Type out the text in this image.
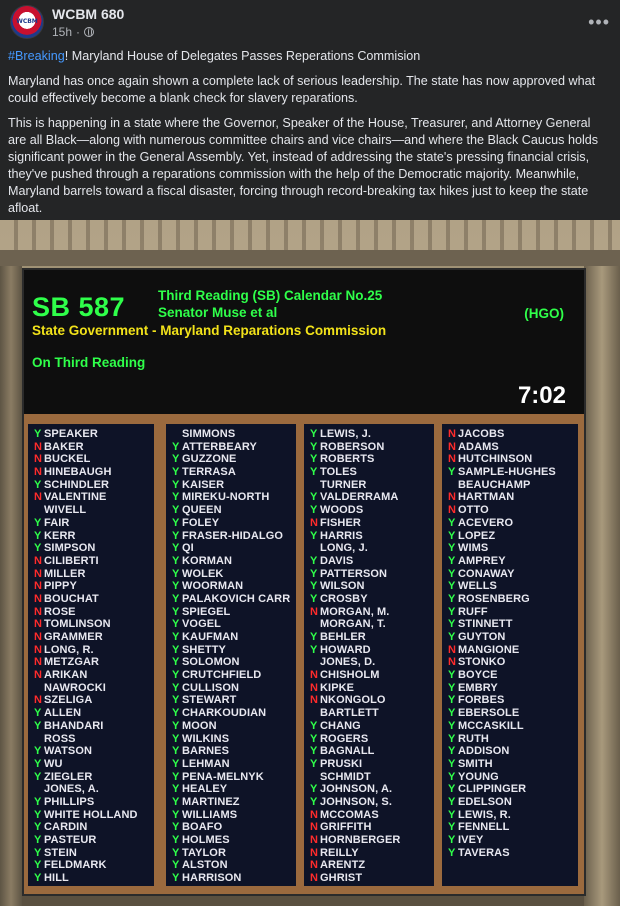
WCBM	WCBM 680
15h ·	•••

#Breaking! Maryland House of Delegates Passes Reperations Commision

Maryland has once again shown a complete lack of serious leadership. The state has now approved what could effectively become a blank check for slavery reparations.

This is happening in a state where the Governor, Speaker of the House, Treasurer, and Attorney General are all Black—along with numerous committee chairs and vice chairs—and where the Black Caucus holds significant power in the General Assembly. Yet, instead of addressing the state's pressing financial crisis, they've pushed through a reparations commission with the help of the Democratic majority. Meanwhile, Maryland barrels toward a fiscal disaster, forcing through record-breaking tax hikes just to keep the state afloat.

SB 587 Third Reading (SB) Calendar No.25
Senator Muse et al	(HGO)
State Government - Maryland Reparations Commission
On Third Reading
7:02
Y SPEAKER
N BAKER
N BUCKEL
N HINEBAUGH
Y SCHINDLER
N VALENTINE
WIVELL
Y FAIR
Y KERR
Y SIMPSON
N CILIBERTI
N MILLER
N PIPPY
N BOUCHAT
N ROSE
N TOMLINSON
N GRAMMER
N LONG, R.
N METZGAR
N ARIKAN
NAWROCKI
N SZELIGA
Y ALLEN
Y BHANDARI
ROSS
Y WATSON
Y WU
Y ZIEGLER
JONES, A.
Y PHILLIPS
Y WHITE HOLLAND
Y CARDIN
Y PASTEUR
Y STEIN
Y FELDMARK
Y HILL
SIMMONS
Y ATTERBEARY
Y GUZZONE
Y TERRASA
Y KAISER
Y MIREKU-NORTH
Y QUEEN
Y FOLEY
Y FRASER-HIDALGO
Y QI
Y KORMAN
Y WOLEK
Y WOORMAN
Y PALAKOVICH CARR
Y SPIEGEL
Y VOGEL
Y KAUFMAN
Y SHETTY
Y SOLOMON
Y CRUTCHFIELD
Y CULLISON
Y STEWART
Y CHARKOUDIAN
Y MOON
Y WILKINS
Y BARNES
Y LEHMAN
Y PENA-MELNYK
Y HEALEY
Y MARTINEZ
Y WILLIAMS
Y BOAFO
Y HOLMES
Y TAYLOR
Y ALSTON
Y HARRISON
Y LEWIS, J.
Y ROBERSON
Y ROBERTS
Y TOLES
TURNER
Y VALDERRAMA
Y WOODS
N FISHER
Y HARRIS
LONG, J.
Y DAVIS
Y PATTERSON
Y WILSON
Y CROSBY
N MORGAN, M.
MORGAN, T.
Y BEHLER
Y HOWARD
JONES, D.
N CHISHOLM
N KIPKE
N NKONGOLO
BARTLETT
Y CHANG
Y ROGERS
Y BAGNALL
Y PRUSKI
SCHMIDT
Y JOHNSON, A.
Y JOHNSON, S.
N MCCOMAS
N GRIFFITH
N HORNBERGER
N REILLY
N ARENTZ
N GHRIST
N JACOBS
N ADAMS
N HUTCHINSON
Y SAMPLE-HUGHES
BEAUCHAMP
N HARTMAN
N OTTO
Y ACEVERO
Y LOPEZ
Y WIMS
Y AMPREY
Y CONAWAY
Y WELLS
Y ROSENBERG
Y RUFF
Y STINNETT
Y GUYTON
N MANGIONE
N STONKO
Y BOYCE
Y EMBRY
Y FORBES
Y EBERSOLE
Y MCCASKILL
Y RUTH
Y ADDISON
Y SMITH
Y YOUNG
Y CLIPPINGER
Y EDELSON
Y LEWIS, R.
Y FENNELL
Y IVEY
Y TAVERAS
